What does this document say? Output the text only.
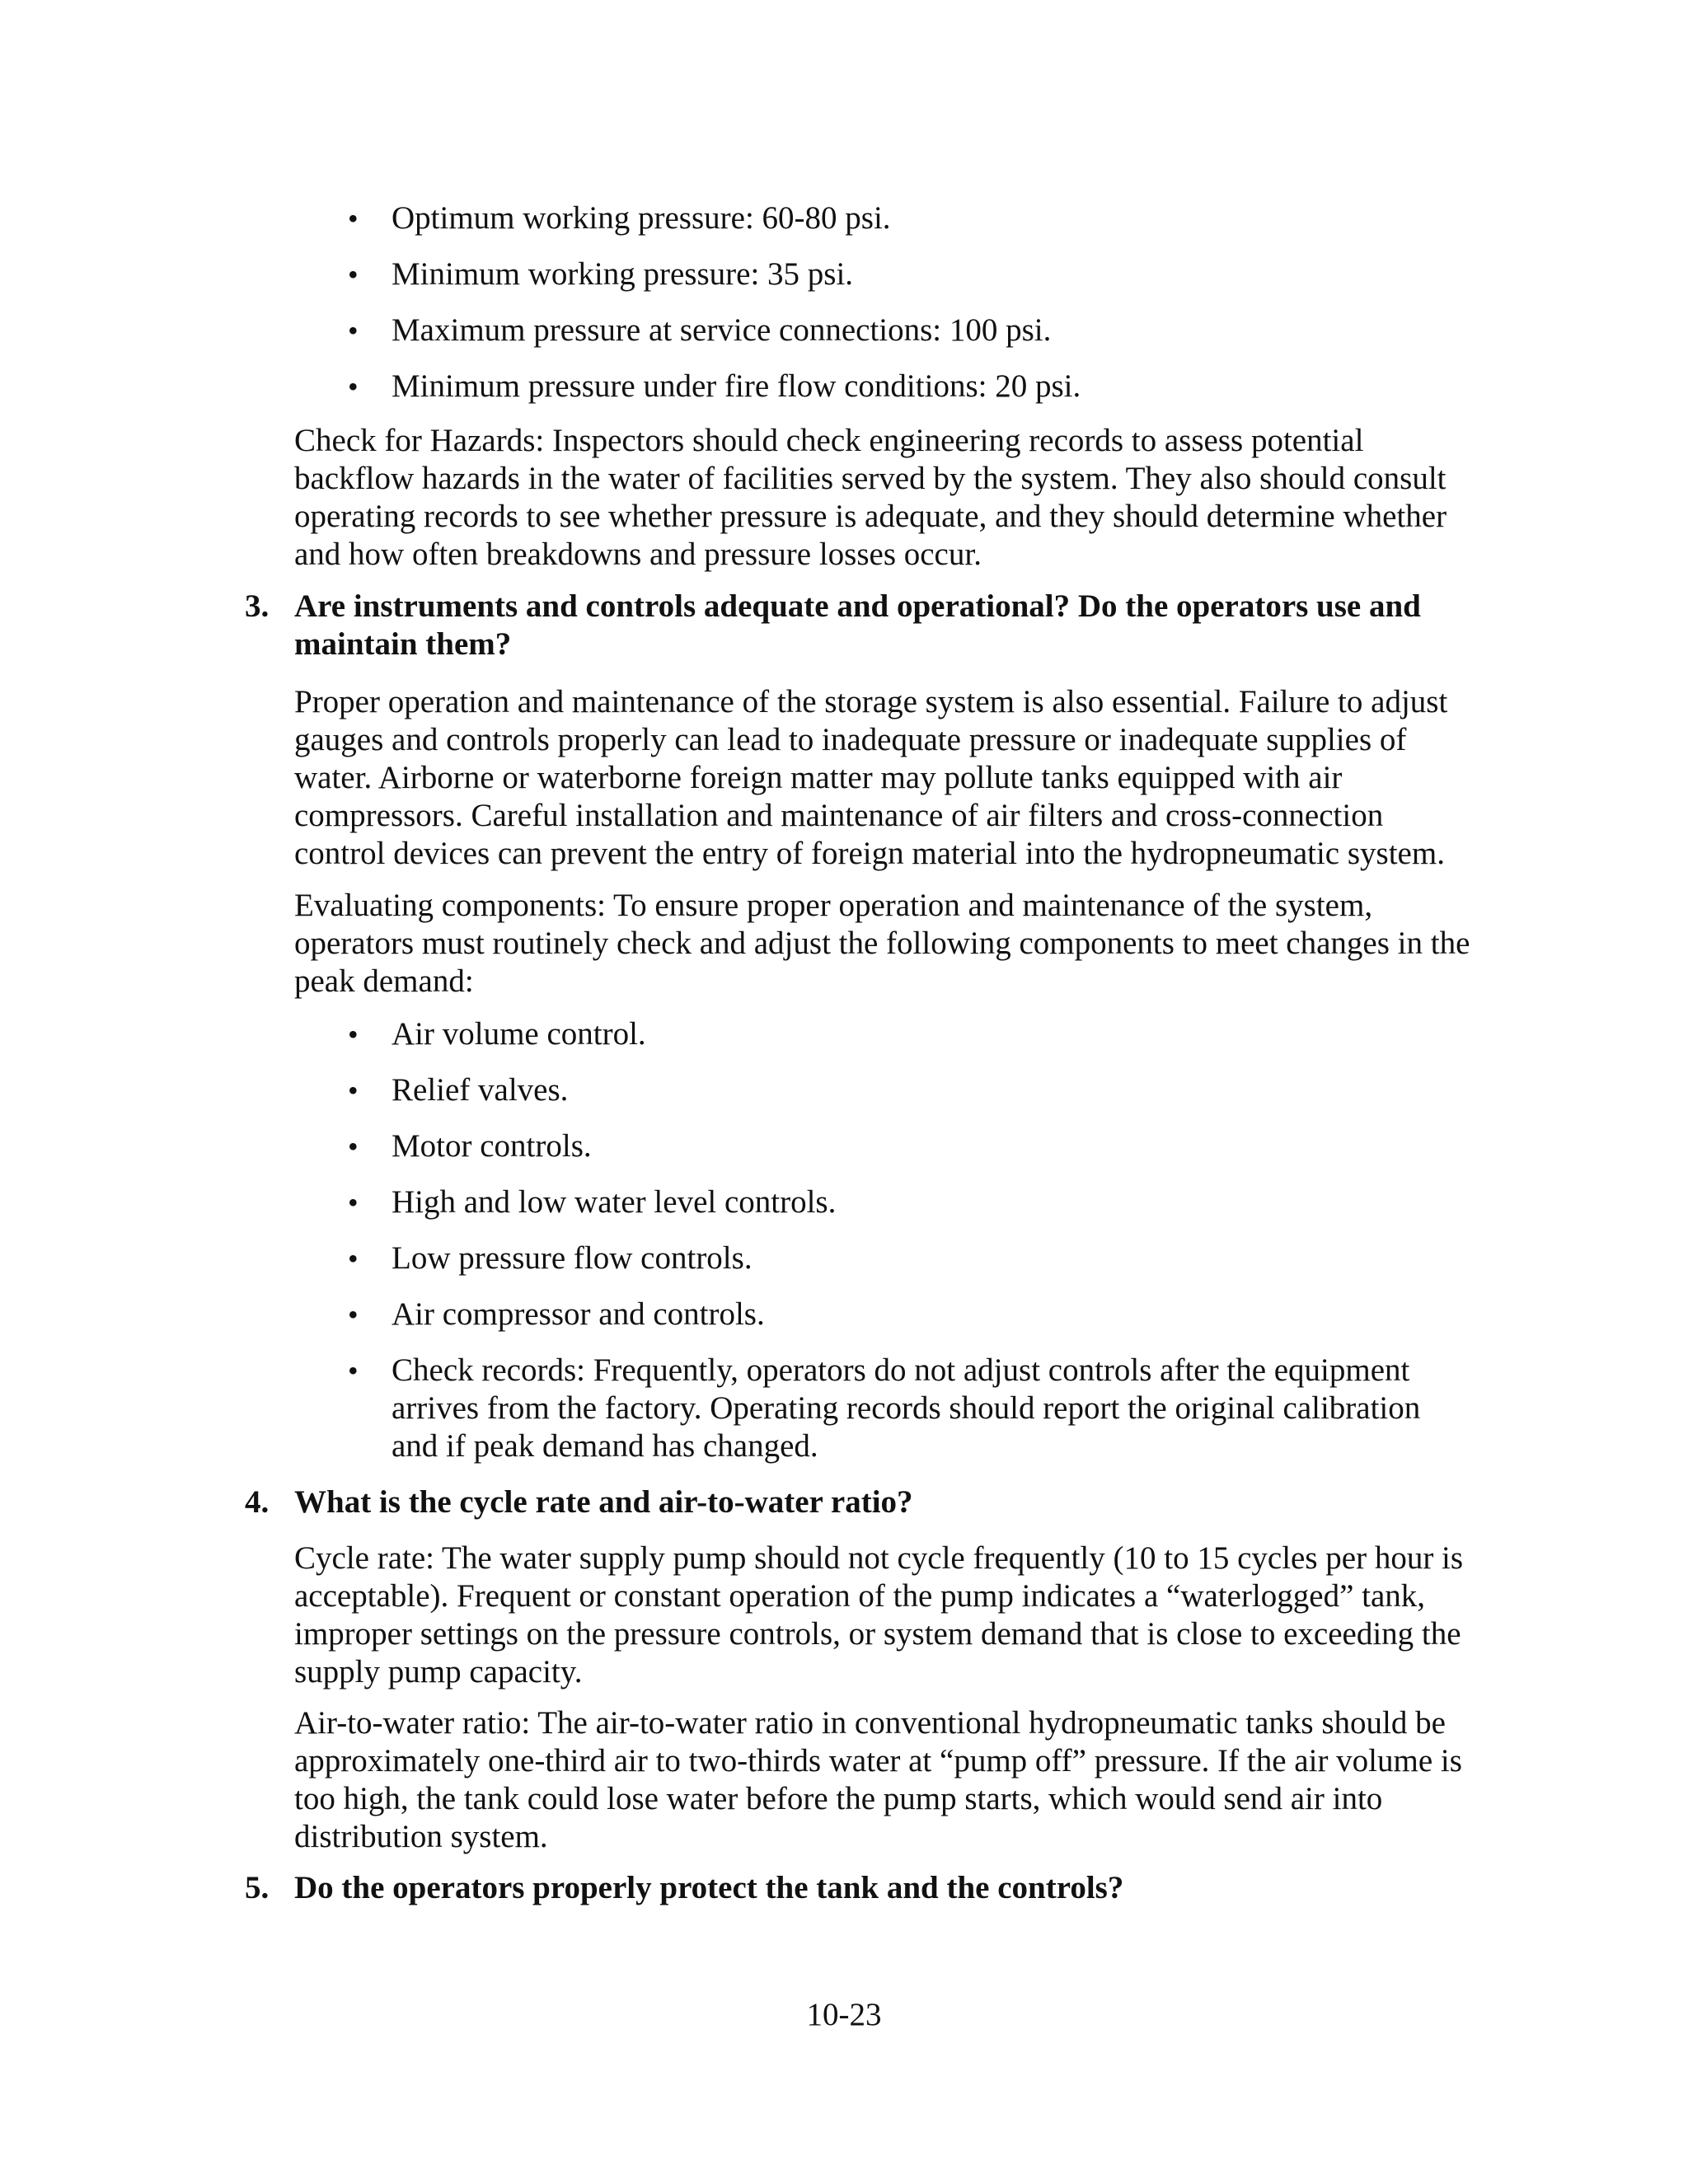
• Optimum working pressure: 60-80 psi.
• Minimum working pressure: 35 psi.
• Maximum pressure at service connections: 100 psi.
• Minimum pressure under fire flow conditions: 20 psi.

Check for Hazards: Inspectors should check engineering records to assess potential backflow hazards in the water of facilities served by the system. They also should consult operating records to see whether pressure is adequate, and they should determine whether and how often breakdowns and pressure losses occur.

3. Are instruments and controls adequate and operational? Do the operators use and maintain them?

Proper operation and maintenance of the storage system is also essential. Failure to adjust gauges and controls properly can lead to inadequate pressure or inadequate supplies of water. Airborne or waterborne foreign matter may pollute tanks equipped with air compressors. Careful installation and maintenance of air filters and cross-connection control devices can prevent the entry of foreign material into the hydropneumatic system.

Evaluating components: To ensure proper operation and maintenance of the system, operators must routinely check and adjust the following components to meet changes in the peak demand:

• Air volume control.
• Relief valves.
• Motor controls.
• High and low water level controls.
• Low pressure flow controls.
• Air compressor and controls.
• Check records: Frequently, operators do not adjust controls after the equipment arrives from the factory. Operating records should report the original calibration and if peak demand has changed.
4. What is the cycle rate and air-to-water ratio?

Cycle rate: The water supply pump should not cycle frequently (10 to 15 cycles per hour is acceptable). Frequent or constant operation of the pump indicates a “waterlogged” tank, improper settings on the pressure controls, or system demand that is close to exceeding the supply pump capacity.

Air-to-water ratio: The air-to-water ratio in conventional hydropneumatic tanks should be approximately one-third air to two-thirds water at “pump off” pressure. If the air volume is too high, the tank could lose water before the pump starts, which would send air into distribution system.

5. Do the operators properly protect the tank and the controls?

10-23
